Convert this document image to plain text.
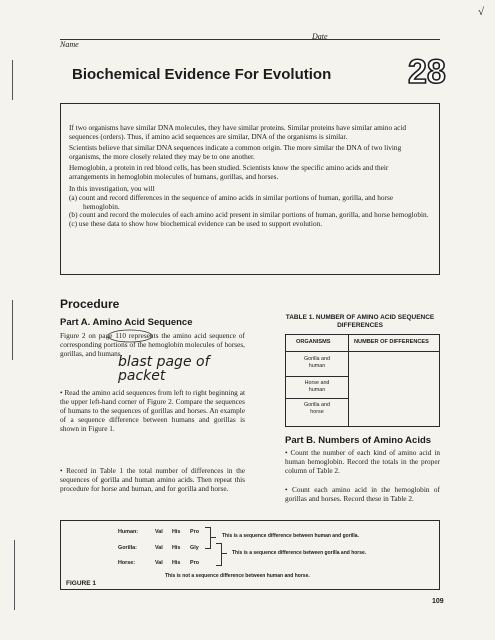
√
Date
Name
Biochemical Evidence For Evolution 28

If two organisms have similar DNA molecules, they have similar proteins. Similar proteins have similar amino acid sequences (orders). Thus, if amino acid sequences are similar, DNA of the organisms is similar.

Scientists believe that similar DNA sequences indicate a common origin. The more similar the DNA of two living organisms, the more closely related they may be to one another.

Hemoglobin, a protein in red blood cells, has been studied. Scientists know the specific amino acids and their arrangements in hemoglobin molecules of humans, gorillas, and horses.

In this investigation, you will

(a) count and record differences in the sequence of amino acids in similar portions of human, gorilla, and horse hemoglobin.

(b) count and record the molecules of each amino acid present in similar portions of human, gorilla, and horse hemoglobin.

(c) use these data to show how biochemical evidence can be used to support evolution.

Procedure
Part A. Amino Acid Sequence
Figure 2 on page 110 represents the amino acid sequence of corresponding portions of the hemoglobin molecules of horses, gorillas, and humans.
blast page of packet
• Read the amino acid sequences from left to right beginning at the upper left-hand corner of Figure 2. Compare the sequences of humans to the sequences of gorillas and horses. An example of a sequence difference between humans and gorillas is shown in Figure 1.
• Record in Table 1 the total number of differences in the sequences of gorilla and human amino acids. Then repeat this procedure for horse and human, and for gorilla and horse.
TABLE 1. NUMBER OF AMINO ACID SEQUENCE DIFFERENCES
ORGANISMS	NUMBER OF DIFFERENCES
Gorilla and human
Horse and human
Gorilla and horse
Part B. Numbers of Amino Acids
• Count the number of each kind of amino acid in human hemoglobin. Record the totals in the proper column of Table 2.
• Count each amino acid in the hemoglobin of gorillas and horses. Record these in Table 2.
FIGURE 1
Human:	Val His Pro
Gorilla:	Val His Gly
Horse:	Val His Pro
This is a sequence difference between human and gorilla.
This is a sequence difference between gorilla and horse.
This is not a sequence difference between human and horse.
109
